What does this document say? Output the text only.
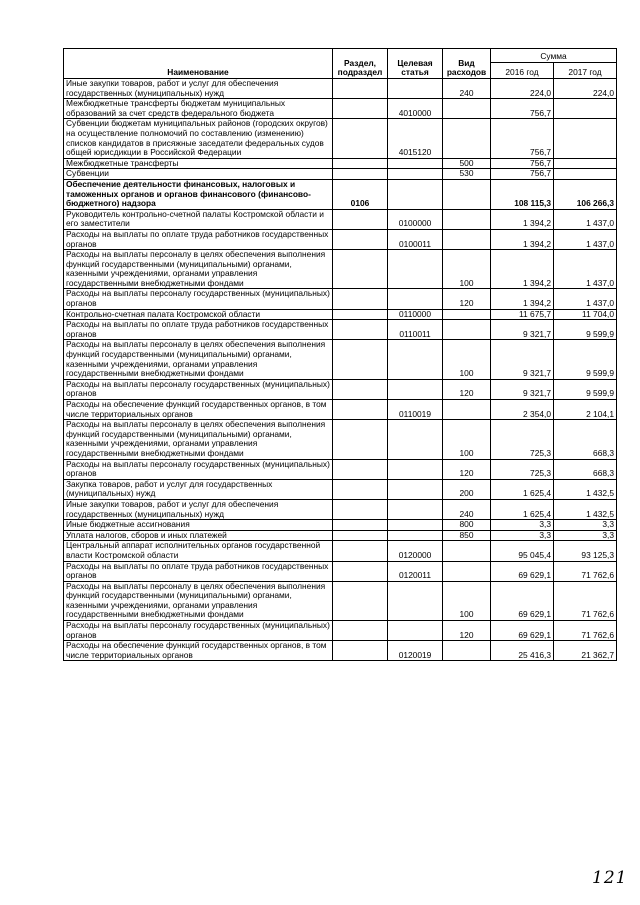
Наименование	Раздел, подраздел	Целевая статья	Вид расходов	Сумма	
				2016 год	2017 год
Иные закупки товаров, работ и услуг для обеспечения государственных (муниципальных) нужд			240	224,0	224,0
Межбюджетные трансферты бюджетам муниципальных образований за счет средств федерального бюджета		4010000		756,7	
Субвенции бюджетам муниципальных районов (городских округов) на осуществление полномочий по составлению (изменению) списков кандидатов в присяжные заседатели федеральных судов общей юрисдикции в Российской Федерации		4015120		756,7	
Межбюджетные трансферты			500	756,7	
Субвенции			530	756,7	
Обеспечение деятельности финансовых, налоговых и таможенных органов и органов финансового (финансово-бюджетного) надзора	0106			108 115,3	106 266,3
Руководитель контрольно-счетной палаты Костромской области и его заместители		0100000		1 394,2	1 437,0
Расходы на выплаты по оплате труда работников государственных органов		0100011		1 394,2	1 437,0
Расходы на выплаты персоналу в целях обеспечения выполнения функций государственными (муниципальными) органами, казенными учреждениями, органами управления государственными внебюджетными фондами			100	1 394,2	1 437,0
Расходы на выплаты персоналу государственных (муниципальных) органов			120	1 394,2	1 437,0
Контрольно-счетная палата Костромской области		0110000		11 675,7	11 704,0
Расходы на выплаты по оплате труда работников государственных органов		0110011		9 321,7	9 599,9
Расходы на выплаты персоналу в целях обеспечения выполнения функций государственными (муниципальными) органами, казенными учреждениями, органами управления государственными внебюджетными фондами			100	9 321,7	9 599,9
Расходы на выплаты персоналу государственных (муниципальных) органов			120	9 321,7	9 599,9
Расходы на обеспечение функций государственных органов, в том числе территориальных органов		0110019		2 354,0	2 104,1
Расходы на выплаты персоналу в целях обеспечения выполнения функций государственными (муниципальными) органами, казенными учреждениями, органами управления государственными внебюджетными фондами			100	725,3	668,3
Расходы на выплаты персоналу государственных (муниципальных) органов			120	725,3	668,3
Закупка товаров, работ и услуг для государственных (муниципальных) нужд			200	1 625,4	1 432,5
Иные закупки товаров, работ и услуг для обеспечения государственных (муниципальных) нужд			240	1 625,4	1 432,5
Иные бюджетные ассигнования			800	3,3	3,3
Уплата налогов, сборов и иных платежей			850	3,3	3,3
Центральный аппарат исполнительных органов государственной власти Костромской области		0120000		95 045,4	93 125,3
Расходы на выплаты по оплате труда работников государственных органов		0120011		69 629,1	71 762,6
Расходы на выплаты персоналу в целях обеспечения выполнения функций государственными (муниципальными) органами, казенными учреждениями, органами управления государственными внебюджетными фондами			100	69 629,1	71 762,6
Расходы на выплаты персоналу государственных (муниципальных) органов			120	69 629,1	71 762,6
Расходы на обеспечение функций государственных органов, в том числе территориальных органов		0120019		25 416,3	21 362,7
121
